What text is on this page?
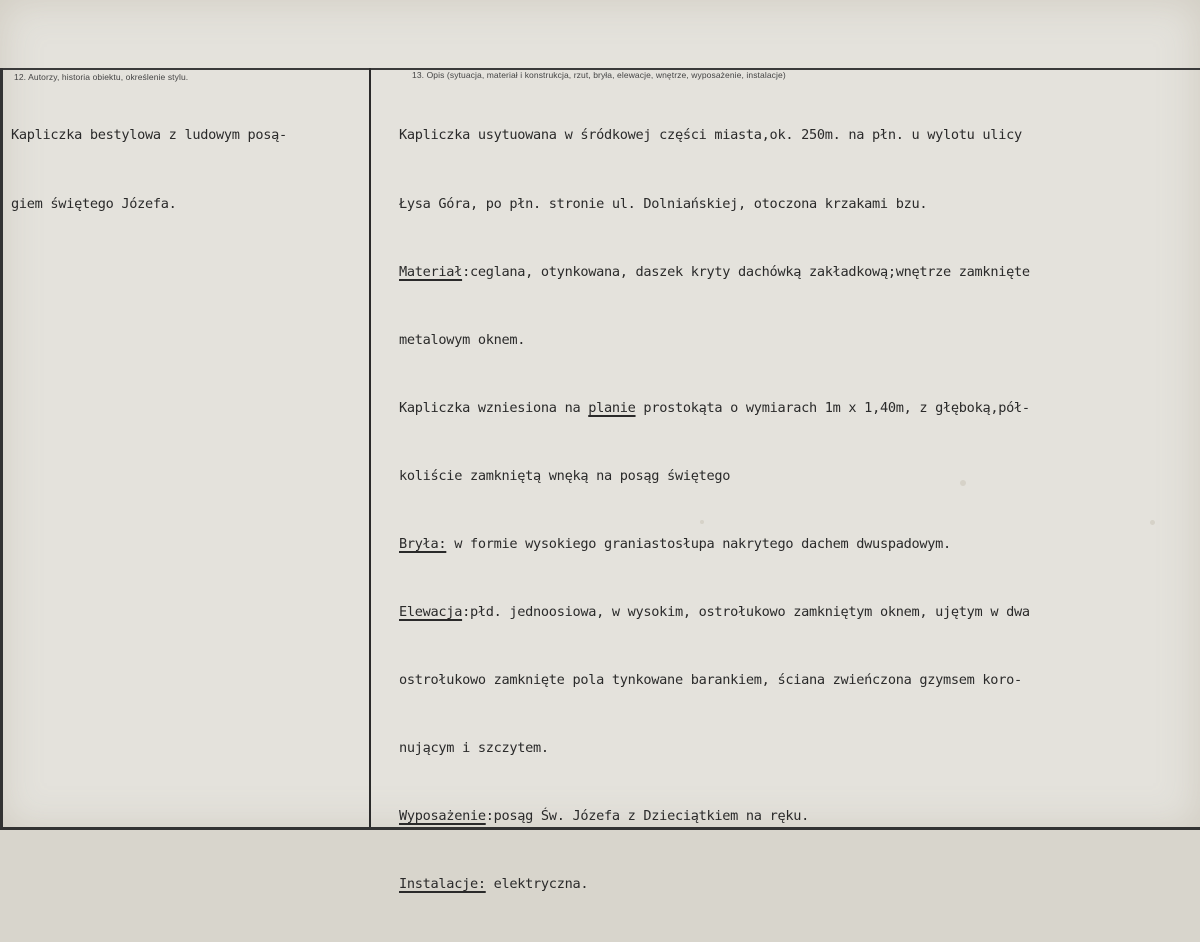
12. Autorzy, historia obiektu, określenie stylu.	13. Opis (sytuacja, materiał i konstrukcja, rzut, bryła, elewacje, wnętrze, wyposażenie, instalacje)

Kapliczka bestylowa z ludowym posą-

giem świętego Józefa.

Kapliczka usytuowana w śródkowej części miasta,ok. 250m. na płn. u wylotu ulicy

Łysa Góra, po płn. stronie ul. Dolniańskiej, otoczona krzakami bzu.

Materiał:ceglana, otynkowana, daszek kryty dachówką zakładkową;wnętrze zamknięte

metalowym oknem.

Kapliczka wzniesiona na planie prostokąta o wymiarach 1m x 1,40m, z głęboką,pół-

koliście zamkniętą wnęką na posąg świętego

Bryła: w formie wysokiego graniastosłupa nakrytego dachem dwuspadowym.

Elewacja:płd. jednoosiowa, w wysokim, ostrołukowo zamkniętym oknem, ujętym w dwa

ostrołukowo zamknięte pola tynkowane barankiem, ściana zwieńczona gzymsem koro-

nującym i szczytem.

Wyposażenie:posąg Św. Józefa z Dzieciątkiem na ręku.

Instalacje: elektryczna.
